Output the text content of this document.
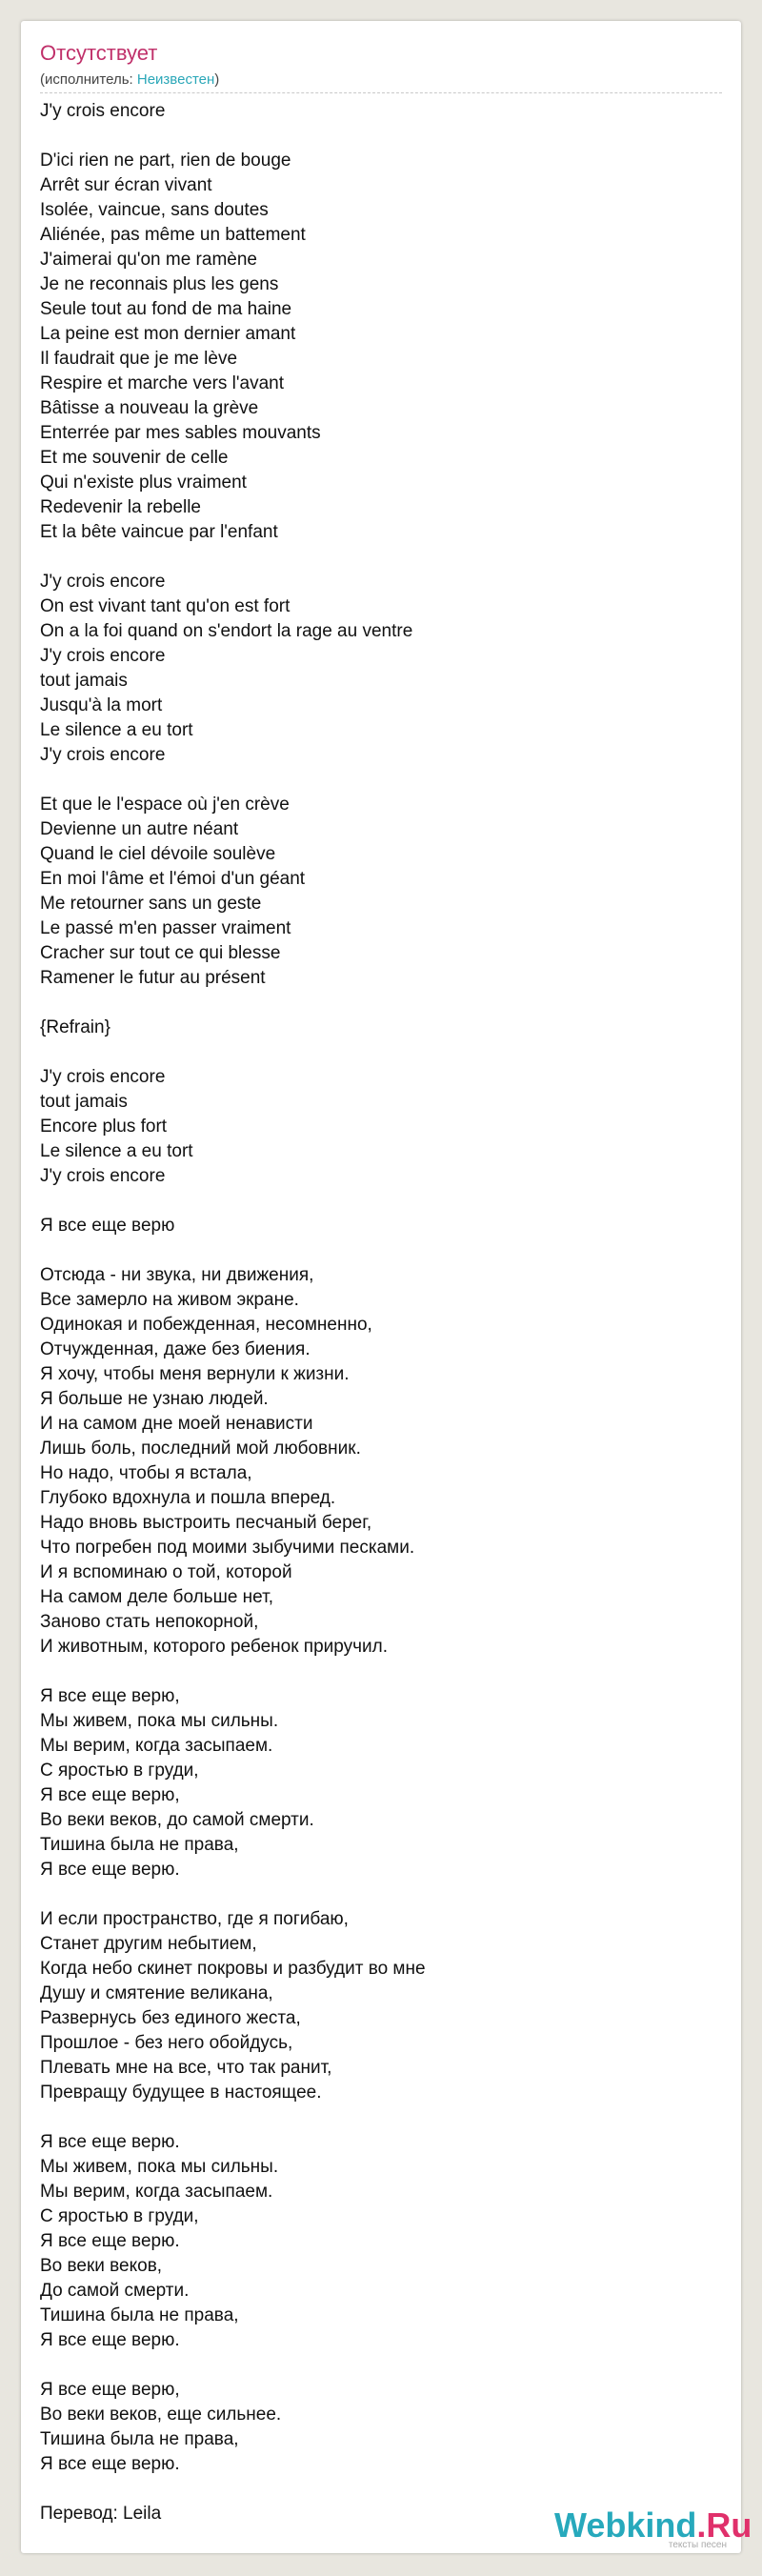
Отсутствует
(исполнитель: Неизвестен)
J'y crois encore
D'ici rien ne part, rien de bouge
Arrêt sur écran vivant
Isolée, vaincue, sans doutes
Aliénée, pas même un battement
J'aimerai qu'on me ramène
Je ne reconnais plus les gens
Seule tout au fond de ma haine
La peine est mon dernier amant
Il faudrait que je me lève
Respire et marche vers l'avant
Bâtisse a nouveau la grève
Enterrée par mes sables mouvants
Et me souvenir de celle
Qui n'existe plus vraiment
Redevenir la rebelle
Et la bête vaincue par l'enfant
J'y crois encore
On est vivant tant qu'on est fort
On a la foi quand on s'endort la rage au ventre
J'y crois encore
tout jamais
Jusqu'à la mort
Le silence a eu tort
J'y crois encore
Et que le l'espace où j'en crève
Devienne un autre néant
Quand le ciel dévoile soulève
En moi l'âme et l'émoi d'un géant
Me retourner sans un geste
Le passé m'en passer vraiment
Cracher sur tout ce qui blesse
Ramener le futur au présent
{Refrain}
J'y crois encore
tout jamais
Encore plus fort
Le silence a eu tort
J'y crois encore
Я все еще верю
Отсюда - ни звука, ни движения,
Все замерло на живом экране.
Одинокая и побежденная, несомненно,
Отчужденная, даже без биения.
Я хочу, чтобы меня вернули к жизни.
Я больше не узнаю людей.
И на самом дне моей ненависти
Лишь боль, последний мой любовник.
Но надо, чтобы я встала,
Глубоко вдохнула и пошла вперед.
Надо вновь выстроить песчаный берег,
Что погребен под моими зыбучими песками.
И я вспоминаю о той, которой
На самом деле больше нет,
Заново стать непокорной,
И животным, которого ребенок приручил.
Я все еще верю,
Мы живем, пока мы сильны.
Мы верим, когда засыпаем.
С яростью в груди,
Я все еще верю,
Во веки веков, до самой смерти.
Тишина была не права,
Я все еще верю.
И если пространство, где я погибаю,
Станет другим небытием,
Когда небо скинет покровы и разбудит во мне
Душу и смятение великана,
Развернусь без единого жеста,
Прошлое - без него обойдусь,
Плевать мне на все, что так ранит,
Превращу будущее в настоящее.
Я все еще верю.
Мы живем, пока мы сильны.
Мы верим, когда засыпаем.
С яростью в груди,
Я все еще верю.
Во веки веков,
До самой смерти.
Тишина была не права,
Я все еще верю.
Я все еще верю,
Во веки веков, еще сильнее.
Тишина была не права,
Я все еще верю.
Перевод: Leila	Webkind.Ru
тексты песен
